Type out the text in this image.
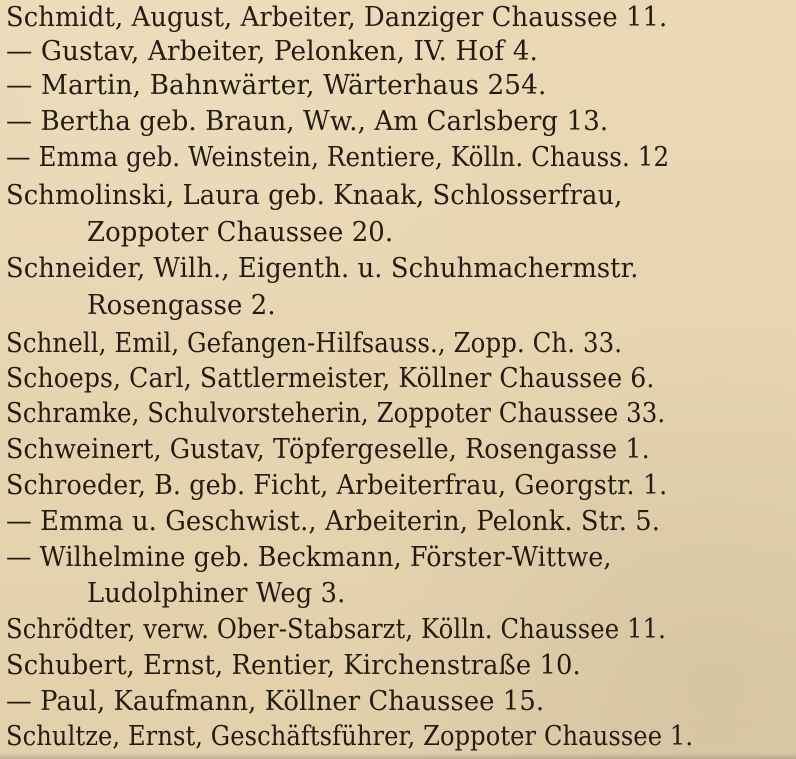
Schmidt, August, Arbeiter, Danziger Chaussee 11.
— Gustav, Arbeiter, Pelonken, IV. Hof 4.
— Martin, Bahnwärter, Wärterhaus 254.
— Bertha geb. Braun, Ww., Am Carlsberg 13.
— Emma geb. Weinstein, Rentiere, Kölln. Chauss. 12
Schmolinski, Laura geb. Knaak, Schlosserfrau,
Zoppoter Chaussee 20.
Schneider, Wilh., Eigenth. u. Schuhmachermstr.
Rosengasse 2.
Schnell, Emil, Gefangen-Hilfsauss., Zopp. Ch. 33.
Schoeps, Carl, Sattlermeister, Köllner Chaussee 6.
Schramke, Schulvorsteherin, Zoppoter Chaussee 33.
Schweinert, Gustav, Töpfergeselle, Rosengasse 1.
Schroeder, B. geb. Ficht, Arbeiterfrau, Georgstr. 1.
— Emma u. Geschwist., Arbeiterin, Pelonk. Str. 5.
— Wilhelmine geb. Beckmann, Förster-Wittwe,
Ludolphiner Weg 3.
Schrödter, verw. Ober-Stabsarzt, Kölln. Chaussee 11.
Schubert, Ernst, Rentier, Kirchenstraße 10.
— Paul, Kaufmann, Köllner Chaussee 15.
Schultze, Ernst, Geschäftsführer, Zoppoter Chaussee 1.
